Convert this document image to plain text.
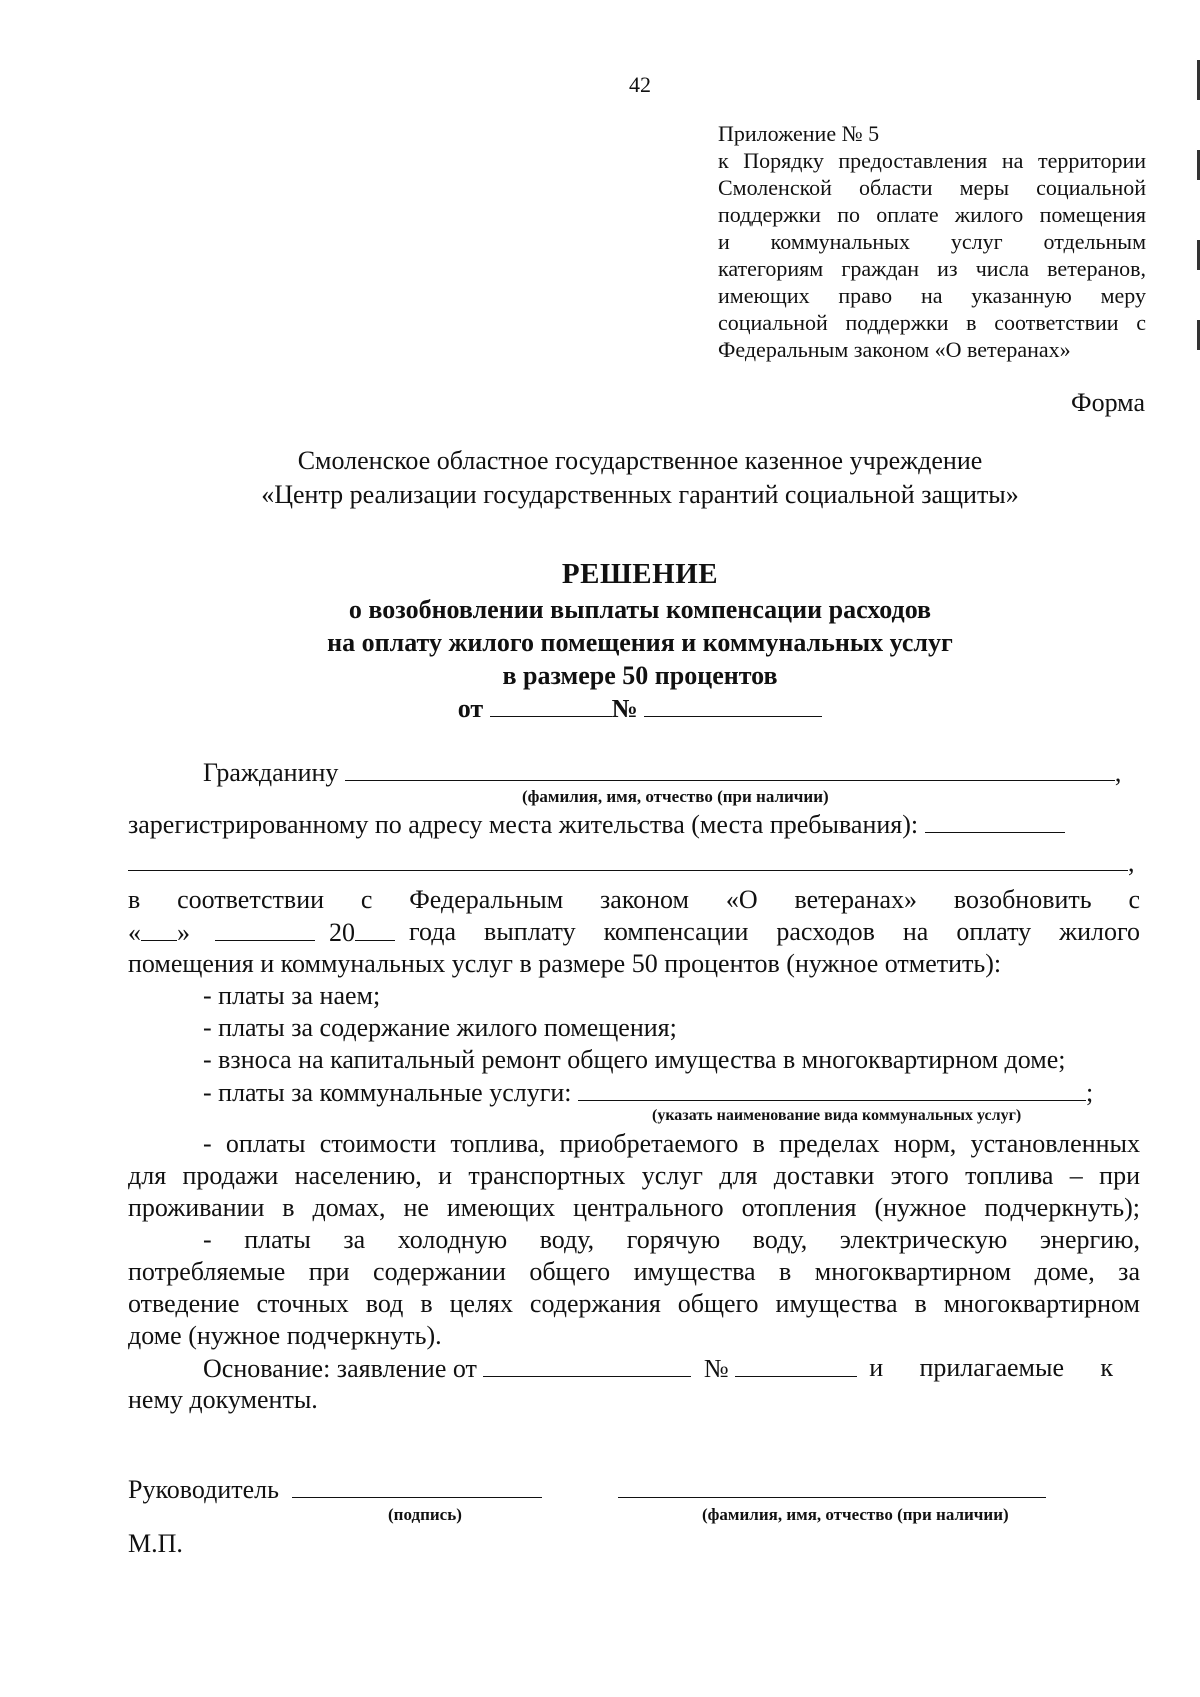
42

Приложение № 5

к Порядку предоставления на территории

Смоленской области меры социальной

поддержки по оплате жилого помещения

и коммунальных услуг отдельным

категориям граждан из числа ветеранов,

имеющих право на указанную меру

социальной поддержки в соответствии с

Федеральным законом «О ветеранах»

Форма
Смоленское областное государственное казенное учреждение
«Центр реализации государственных гарантий социальной защиты»
РЕШЕНИЕ
о возобновлении выплаты компенсации расходов
на оплату жилого помещения и коммунальных услуг
в размере 50 процентов
от	№
Гражданину	,
(фамилия, имя, отчество (при наличии)
зарегистрированному по адресу места жительства (места пребывания):
,
в соответствии с Федеральным законом «О ветеранах» возобновить с
« »	20	года выплату компенсации расходов на оплату жилого
помещения и коммунальных услуг в размере 50 процентов (нужное отметить):
- платы за наем;
- платы за содержание жилого помещения;
- взноса на капитальный ремонт общего имущества в многоквартирном доме;
- платы за коммунальные услуги:	;
(указать наименование вида коммунальных услуг)
- оплаты стоимости топлива, приобретаемого в пределах норм, установленных
для продажи населению, и транспортных услуг для доставки этого топлива – при
проживании в домах, не имеющих центрального отопления (нужное подчеркнуть);
- платы за холодную воду, горячую воду, электрическую энергию,
потребляемые при содержании общего имущества в многоквартирном доме, за
отведение сточных вод в целях содержания общего имущества в многоквартирном
доме (нужное подчеркнуть).
Основание: заявление от	№	и прилагаемые к
нему документы.
Руководитель
(подпись)	(фамилия, имя, отчество (при наличии)
М.П.
